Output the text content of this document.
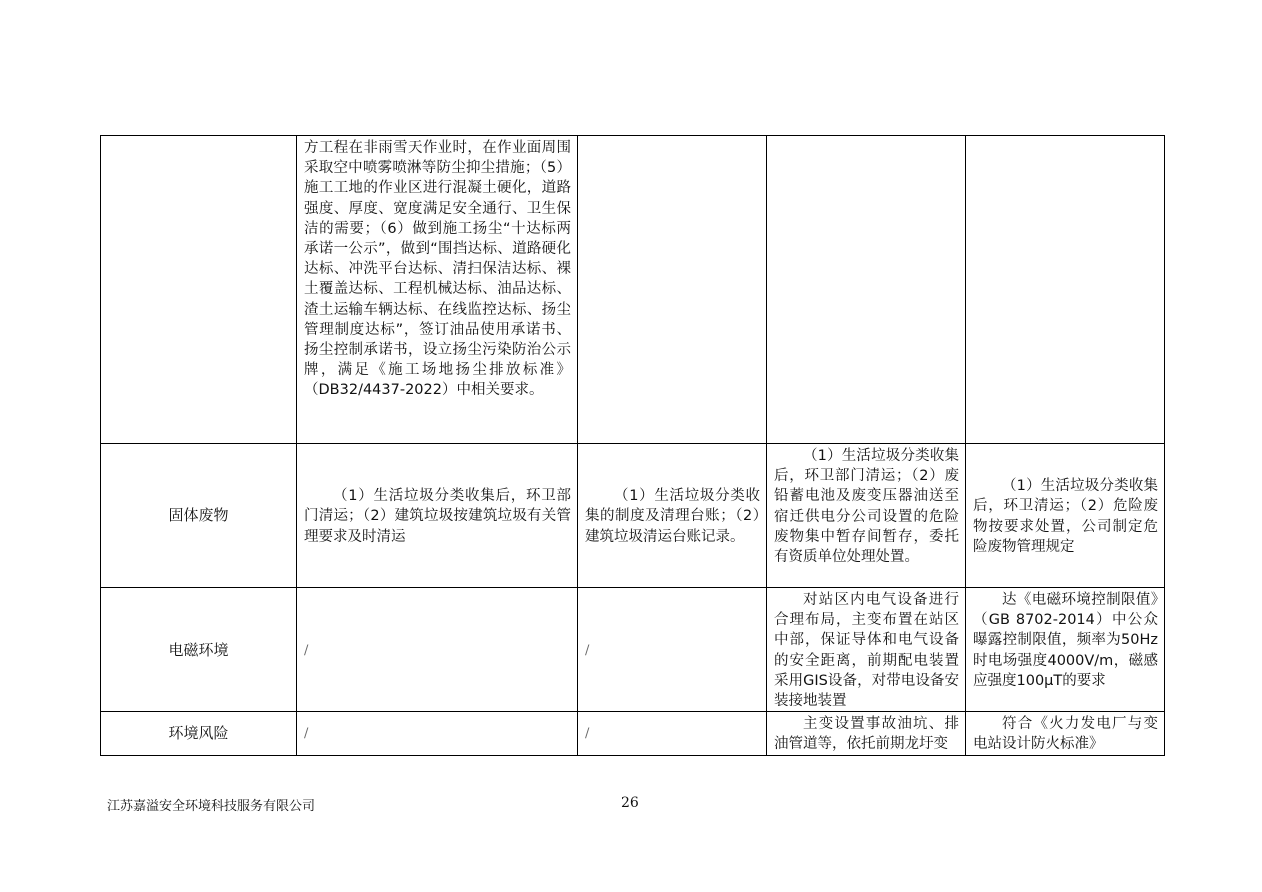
	方工程在非雨雪天作业时，在作业面周围采取空中喷雾喷淋等防尘抑尘措施；（5）施工工地的作业区进行混凝土硬化，道路强度、厚度、宽度满足安全通行、卫生保洁的需要；（6）做到施工扬尘“十达标两承诺一公示”，做到“围挡达标、道路硬化达标、冲洗平台达标、清扫保洁达标、裸土覆盖达标、工程机械达标、油品达标、渣土运输车辆达标、在线监控达标、扬尘管理制度达标”，签订油品使用承诺书、扬尘控制承诺书，设立扬尘污染防治公示牌，满足《施工场地扬尘排放标准》（DB32/4437-2022）中相关要求。			
固体废物	（1）生活垃圾分类收集后，环卫部门清运；（2）建筑垃圾按建筑垃圾有关管理要求及时清运	（1）生活垃圾分类收集的制度及清理台账；（2）建筑垃圾清运台账记录。	（1）生活垃圾分类收集后，环卫部门清运；（2）废铅蓄电池及废变压器油送至宿迁供电分公司设置的危险废物集中暂存间暂存，委托有资质单位处理处置。	（1）生活垃圾分类收集后，环卫清运；（2）危险废物按要求处置，公司制定危险废物管理规定
电磁环境	/	/	对站区内电气设备进行合理布局，主变布置在站区中部，保证导体和电气设备的安全距离，前期配电装置采用GIS设备，对带电设备安装接地装置	达《电磁环境控制限值》（GB 8702-2014）中公众曝露控制限值，频率为50Hz时电场强度4000V/m，磁感应强度100μT的要求
环境风险	/	/	主变设置事故油坑、排油管道等，依托前期龙圩变	符合《火力发电厂与变电站设计防火标准》
江苏嘉溢安全环境科技服务有限公司	26
